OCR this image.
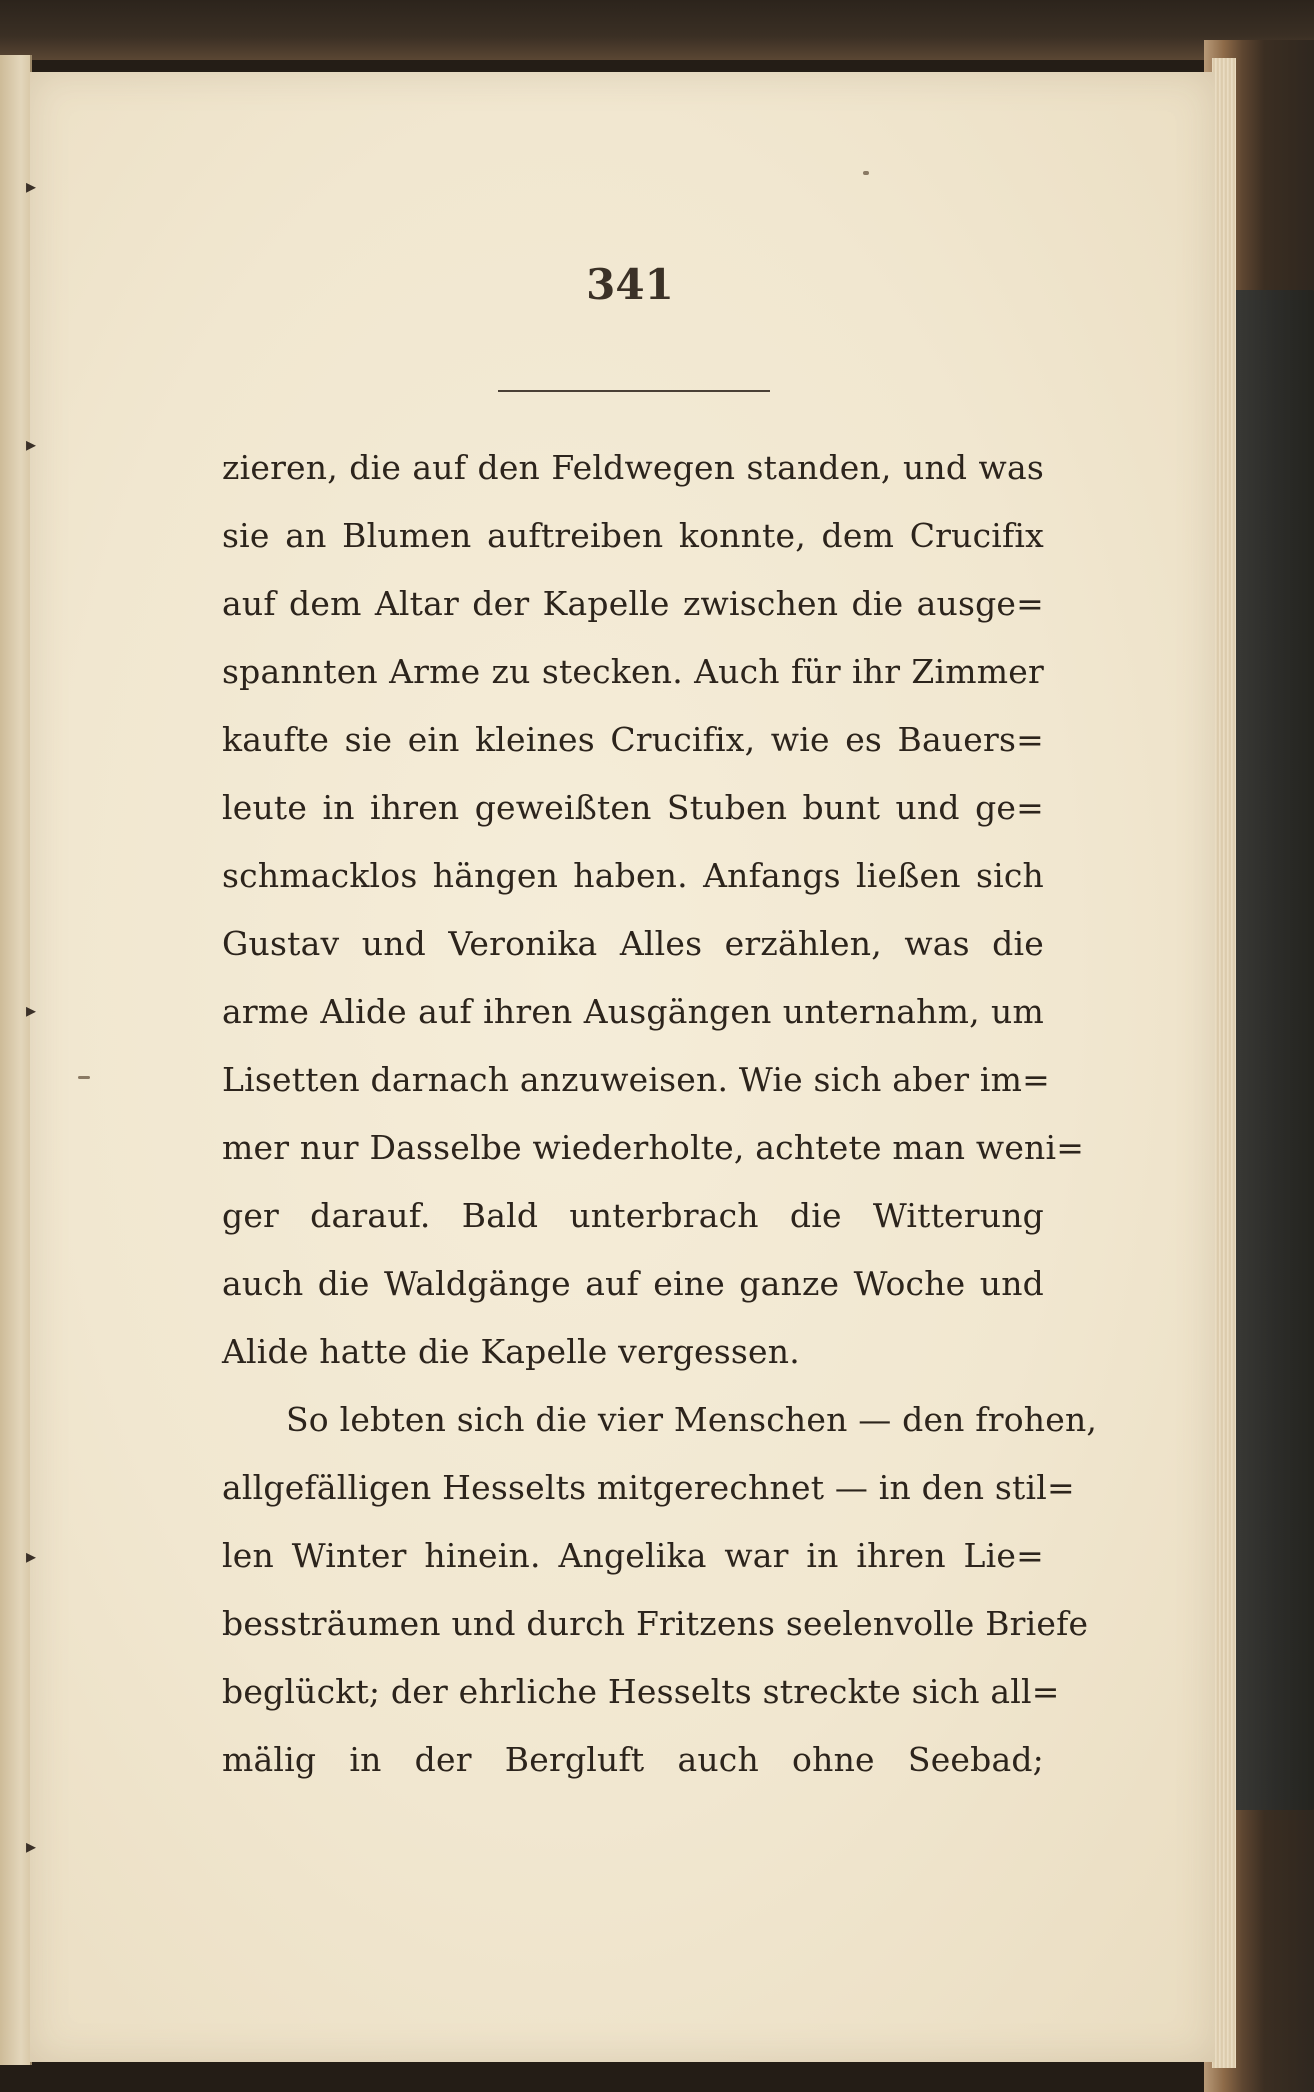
341
zieren, die auf den Feldwegen standen, und was
sie an Blumen auftreiben konnte, dem Crucifix
auf dem Altar der Kapelle zwischen die ausge=
spannten Arme zu stecken. Auch für ihr Zimmer
kaufte sie ein kleines Crucifix, wie es Bauers=
leute in ihren geweißten Stuben bunt und ge=
schmacklos hängen haben. Anfangs ließen sich
Gustav und Veronika Alles erzählen, was die
arme Alide auf ihren Ausgängen unternahm, um
Lisetten darnach anzuweisen. Wie sich aber im=
mer nur Dasselbe wiederholte, achtete man weni=
ger darauf. Bald unterbrach die Witterung
auch die Waldgänge auf eine ganze Woche und
Alide hatte die Kapelle vergessen.
So lebten sich die vier Menschen — den frohen,
allgefälligen Hesselts mitgerechnet — in den stil=
len Winter hinein. Angelika war in ihren Lie=
bessträumen und durch Fritzens seelenvolle Briefe
beglückt; der ehrliche Hesselts streckte sich all=
mälig in der Bergluft auch ohne Seebad;
▸
▸
▸
▸
▸
